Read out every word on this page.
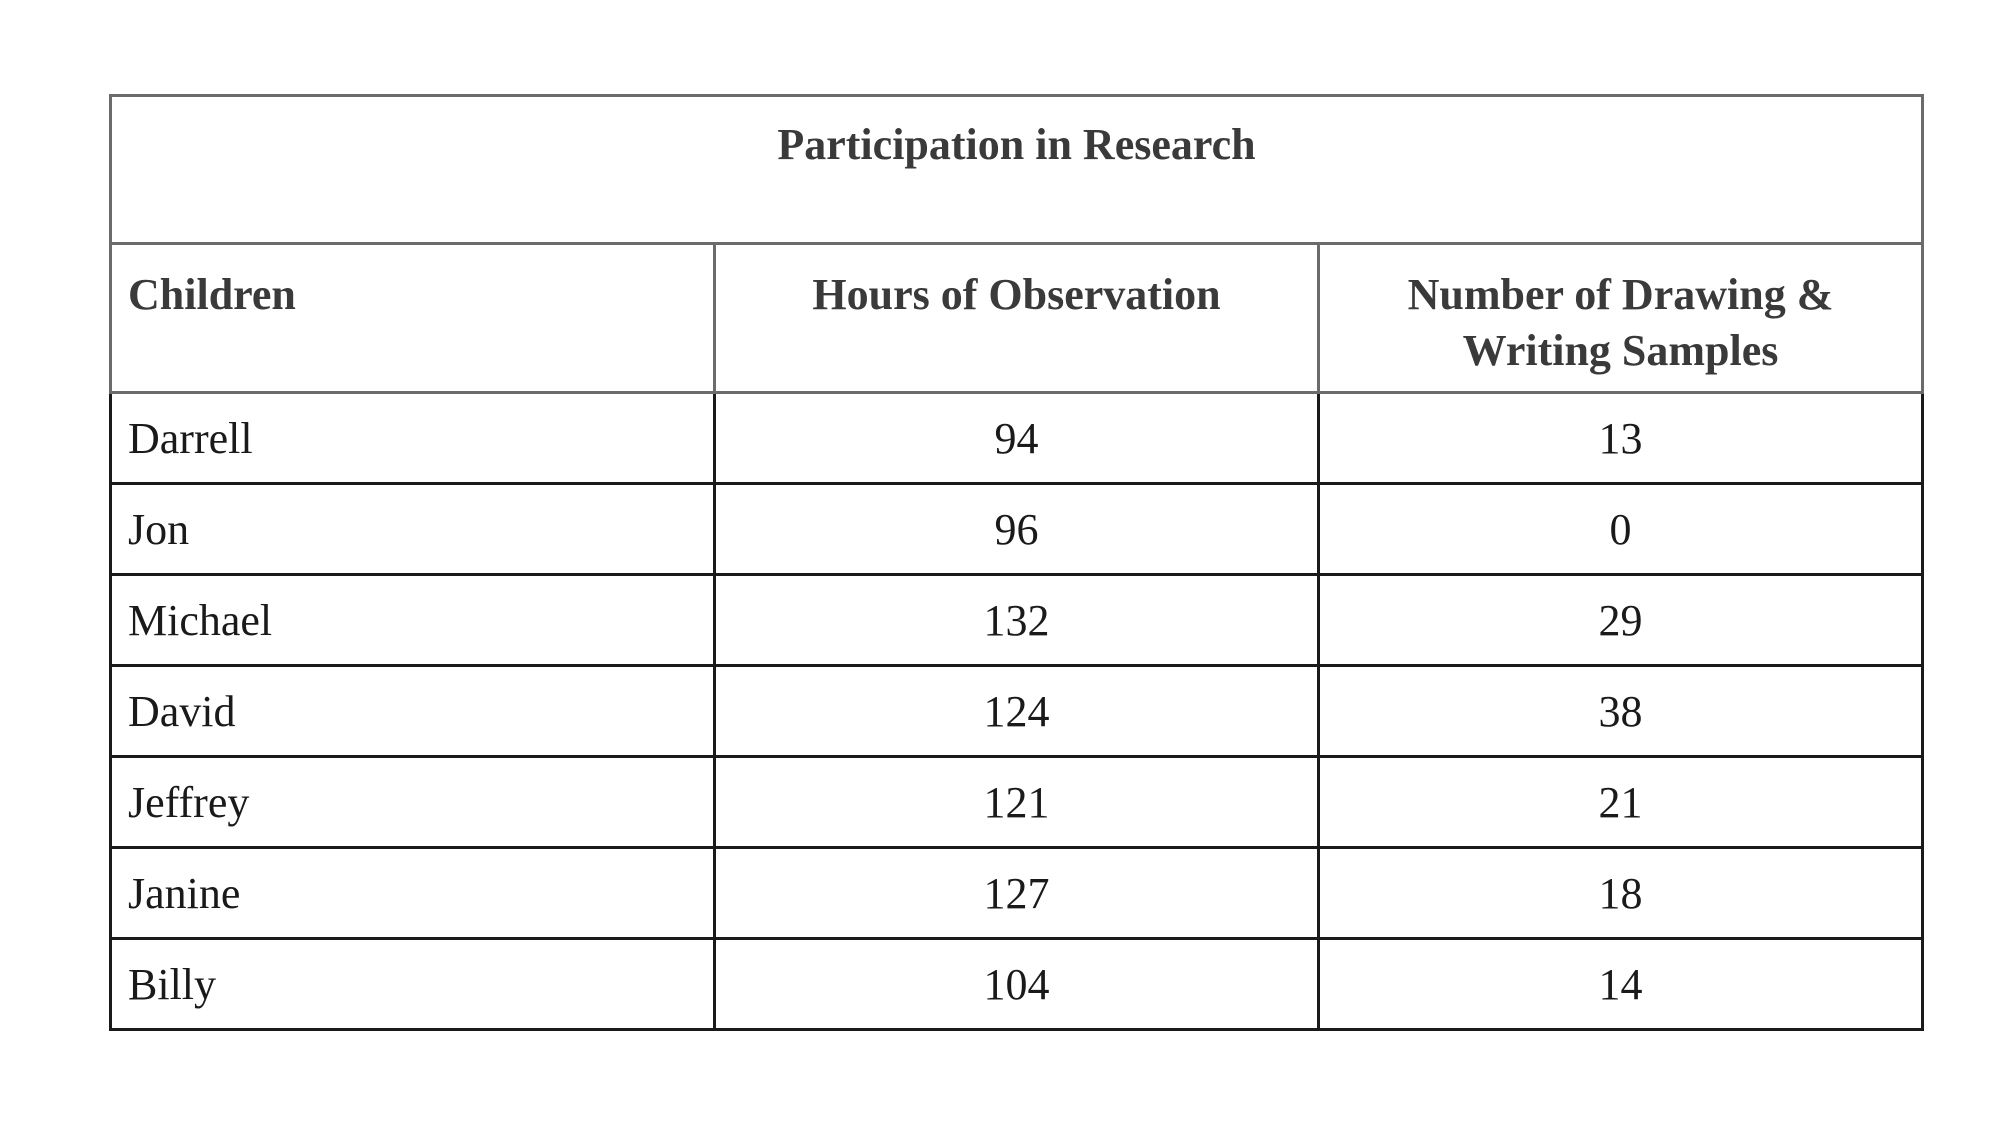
Participation in Research		
Children	Hours of Observation	Number of Drawing & Writing Samples
Darrell	94	13
Jon	96	0
Michael	132	29
David	124	38
Jeffrey	121	21
Janine	127	18
Billy	104	14
